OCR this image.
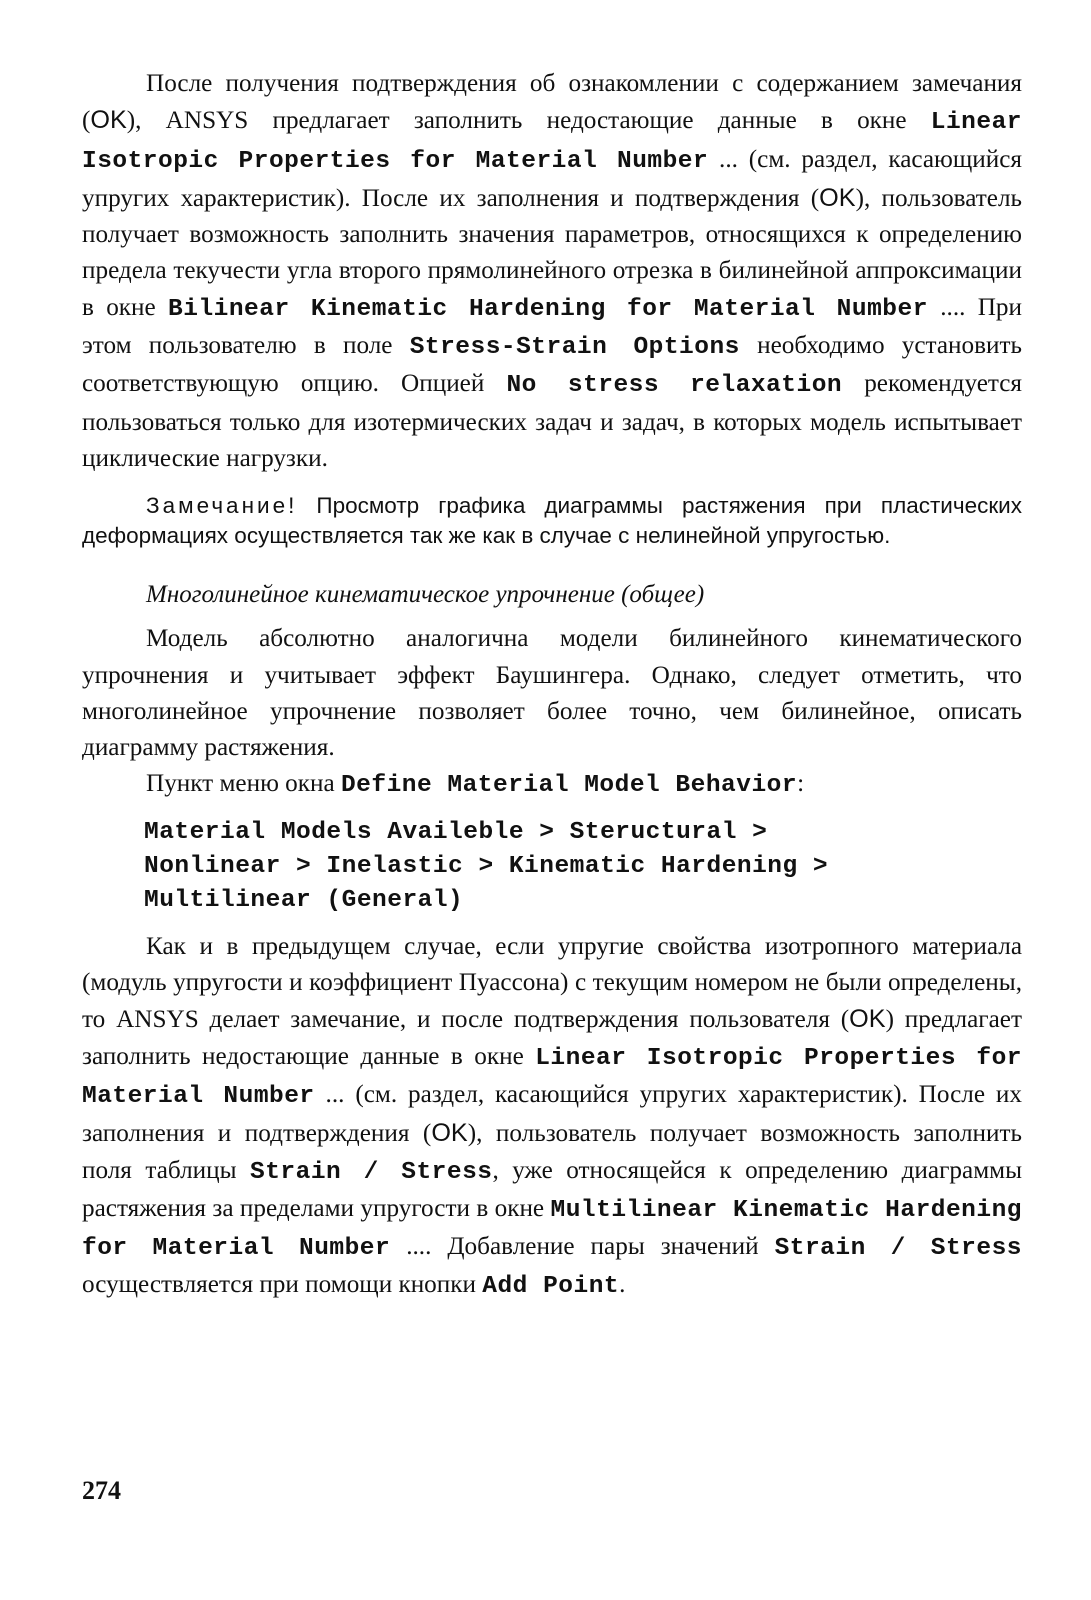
После получения подтверждения об ознакомлении с содержанием замечания (OK), ANSYS предлагает заполнить недостающие данные в окне Linear Isotropic Properties for Material Number ... (см. раздел, касающийся упругих характеристик). После их заполнения и подтверждения (OK), пользователь получает возможность заполнить значения параметров, относящихся к определению предела текучести угла второго прямолинейного отрезка в билинейной аппроксимации в окне Bilinear Kinematic Hardening for Material Number .... При этом пользователю в поле Stress-Strain Options необходимо установить соответствующую опцию. Опцией No stress relaxation рекомендуется пользоваться только для изотермических задач и задач, в которых модель испытывает циклические нагрузки.

Замечание! Просмотр графика диаграммы растяжения при пластических деформациях осуществляется так же как в случае с нелинейной упругостью.

Многолинейное кинематическое упрочнение (общее)

Модель абсолютно аналогична модели билинейного кинематического упрочнения и учитывает эффект Баушингера. Однако, следует отметить, что многолинейное упрочнение позволяет более точно, чем билинейное, описать диаграмму растяжения.

Пункт меню окна Define Material Model Behavior:

Material Models Availeble > Steructural >
Nonlinear > Inelastic > Kinematic Hardening >
Multilinear (General)

Как и в предыдущем случае, если упругие свойства изотропного материала (модуль упругости и коэффициент Пуассона) с текущим номером не были определены, то ANSYS делает замечание, и после подтверждения пользователя (OK) предлагает заполнить недостающие данные в окне Linear Isotropic Properties for Material Number ... (см. раздел, касающийся упругих характеристик). После их заполнения и подтверждения (OK), пользователь получает возможность заполнить поля таблицы Strain / Stress, уже относящейся к определению диаграммы растяжения за пределами упругости в окне Multilinear Kinematic Hardening for Material Number .... Добавление пары значений Strain / Stress осуществляется при помощи кнопки Add Point.

274
